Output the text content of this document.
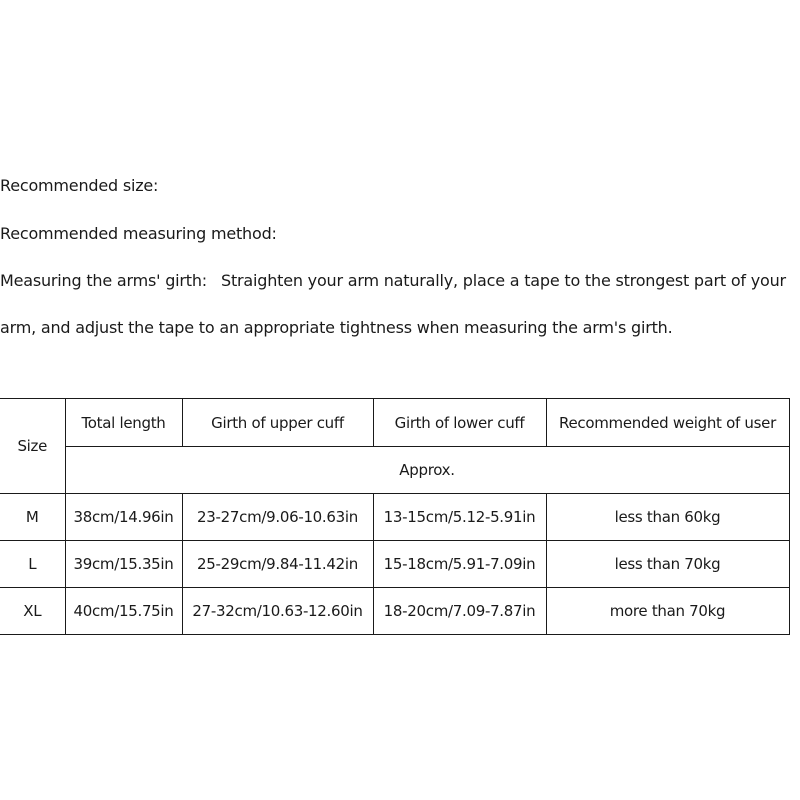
Recommended size:
Recommended measuring method:
Measuring the arms' girth: Straighten your arm naturally, place a tape to the strongest part of your
arm, and adjust the tape to an appropriate tightness when measuring the arm's girth.
Size	Total length	Girth of upper cuff	Girth of lower cuff	Recommended weight of user
	Approx.			
M	38cm/14.96in	23-27cm/9.06-10.63in	13-15cm/5.12-5.91in	less than 60kg
L	39cm/15.35in	25-29cm/9.84-11.42in	15-18cm/5.91-7.09in	less than 70kg
XL	40cm/15.75in	27-32cm/10.63-12.60in	18-20cm/7.09-7.87in	more than 70kg
